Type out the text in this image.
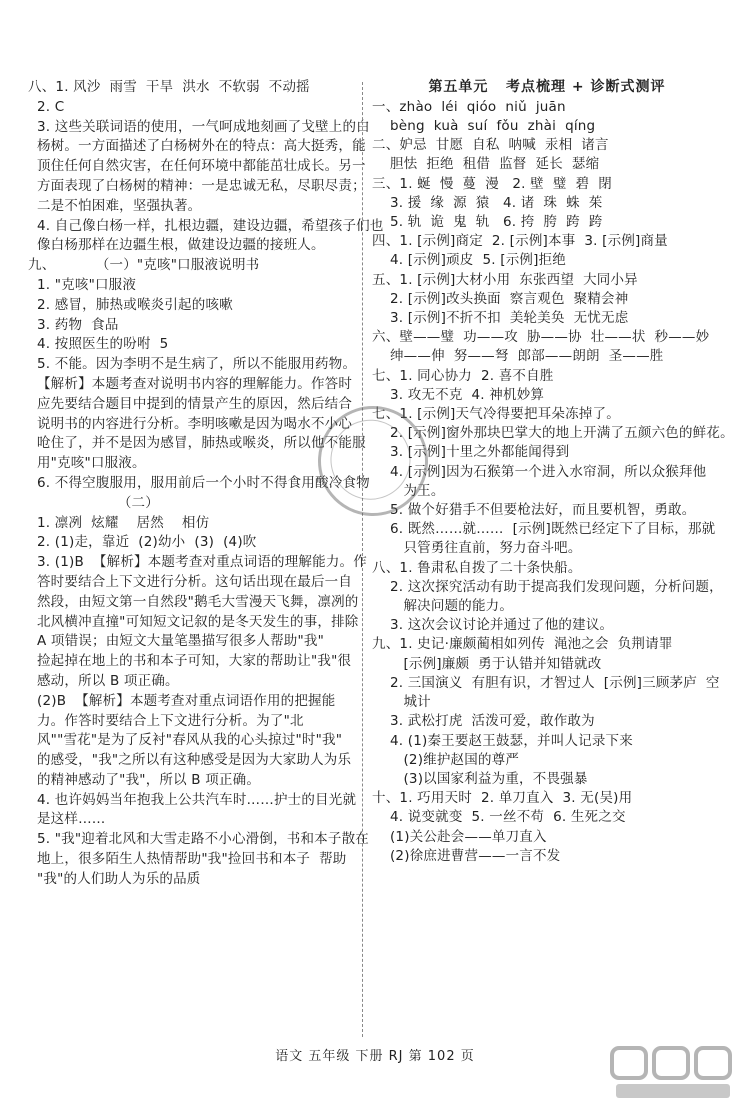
八、1. 风沙  雨雪  干旱  洪水  不软弱  不动摇
2. C
3. 这些关联词语的使用，一气呵成地刻画了戈壁上的白
杨树。一方面描述了白杨树外在的特点：高大挺秀，能
顶住任何自然灾害，在任何环境中都能茁壮成长。另一
方面表现了白杨树的精神：一是忠诚无私，尽职尽责；
二是不怕困难，坚强执著。
4. 自己像白杨一样，扎根边疆，建设边疆，希望孩子们也
像白杨那样在边疆生根，做建设边疆的接班人。
九、         （一）"克咳"口服液说明书
1. "克咳"口服液
2. 感冒，肺热或喉炎引起的咳嗽
3. 药物  食品
4. 按照医生的吩咐  5
5. 不能。因为李明不是生病了，所以不能服用药物。
【解析】本题考查对说明书内容的理解能力。作答时
应先要结合题目中提到的情景产生的原因，然后结合
说明书的内容进行分析。李明咳嗽是因为喝水不小心
呛住了，并不是因为感冒，肺热或喉炎，所以他不能服
用"克咳"口服液。
6. 不得空腹服用，服用前后一个小时不得食用酸冷食物
（二）
1. 凛冽  炫耀    居然    相仿
2. (1)走，靠近  (2)幼小  (3)  (4)吹
3. (1)B  【解析】本题考查对重点词语的理解能力。作
答时要结合上下文进行分析。这句话出现在最后一自
然段，由短文第一自然段"鹅毛大雪漫天飞舞，凛冽的
北风横冲直撞"可知短文记叙的是冬天发生的事，排除
A 项错误；由短文大量笔墨描写很多人帮助"我"
捡起掉在地上的书和本子可知，大家的帮助让"我"很
感动，所以 B 项正确。
(2)B  【解析】本题考查对重点词语作用的把握能
力。作答时要结合上下文进行分析。为了"北
风""雪花"是为了反衬"春风从我的心头掠过"时"我"
的感受，"我"之所以有这种感受是因为大家助人为乐
的精神感动了"我"，所以 B 项正确。
4. 也许妈妈当年抱我上公共汽车时……护士的目光就
是这样……
5. "我"迎着北风和大雪走路不小心滑倒，书和本子散在
地上，很多陌生人热情帮助"我"捡回书和本子  帮助
"我"的人们助人为乐的品质
第五单元   考点梳理 + 诊断式测评
一、zhào  léi  qióo  niǔ  juān
bèng  kuà  suí  fǒu  zhài  qíng
二、妒忌  甘愿  自私  呐喊  汞相  诸言
胆怯  拒绝  租借  监督  延长  瑟缩
三、1. 蜒  慢  蔓  漫   2. 壁  璧  碧  閉
3. 援  缘  源  猿   4. 诸  珠  蛛  茱
5. 轨  诡  鬼  轨   6. 挎  胯  跨  跨
四、1. [示例]商定  2. [示例]本事  3. [示例]商量
4. [示例]顽皮  5. [示例]拒绝
五、1. [示例]大材小用  东张西望  大同小异
2. [示例]改头换面  察言观色  聚精会神
3. [示例]不折不扣  美轮美奂  无忧无虑
六、壁——璧  功——攻  胁——协  壮——状  秒——妙
绅——伸  努——弩  郎部——朗朗  圣——胜
七、1. 同心协力  2. 喜不自胜
3. 攻无不克  4. 神机妙算
七、1. [示例]天气冷得要把耳朵冻掉了。
2. [示例]窗外那块巴掌大的地上开满了五颜六色的鲜花。
3. [示例]十里之外都能闻得到
4. [示例]因为石猴第一个进入水帘洞，所以众猴拜他
为王。
5. 做个好猎手不但要枪法好，而且要机智，勇敢。
6. 既然……就……  [示例]既然已经定下了目标，那就
只管勇往直前，努力奋斗吧。
八、1. 鲁肃私自拨了二十条快船。
2. 这次探究活动有助于提高我们发现问题，分析问题，
解决问题的能力。
3. 这次会议讨论并通过了他的建议。
九、1. 史记·廉颇蔺相如列传  渑池之会  负荆请罪
[示例]廉颇  勇于认错并知错就改
2. 三国演义  有胆有识，才智过人  [示例]三顾茅庐  空
城计
3. 武松打虎  活泼可爱，敢作敢为
4. (1)秦王要赵王鼓瑟，并叫人记录下来
(2)维护赵国的尊严
(3)以国家利益为重，不畏强暴
十、1. 巧用天时  2. 单刀直入  3. 无(吴)用
4. 说变就变  5. 一丝不苟  6. 生死之交
(1)关公赴会——单刀直入
(2)徐庶进曹营——一言不发
语文 五年级 下册 RJ 第 102 页
